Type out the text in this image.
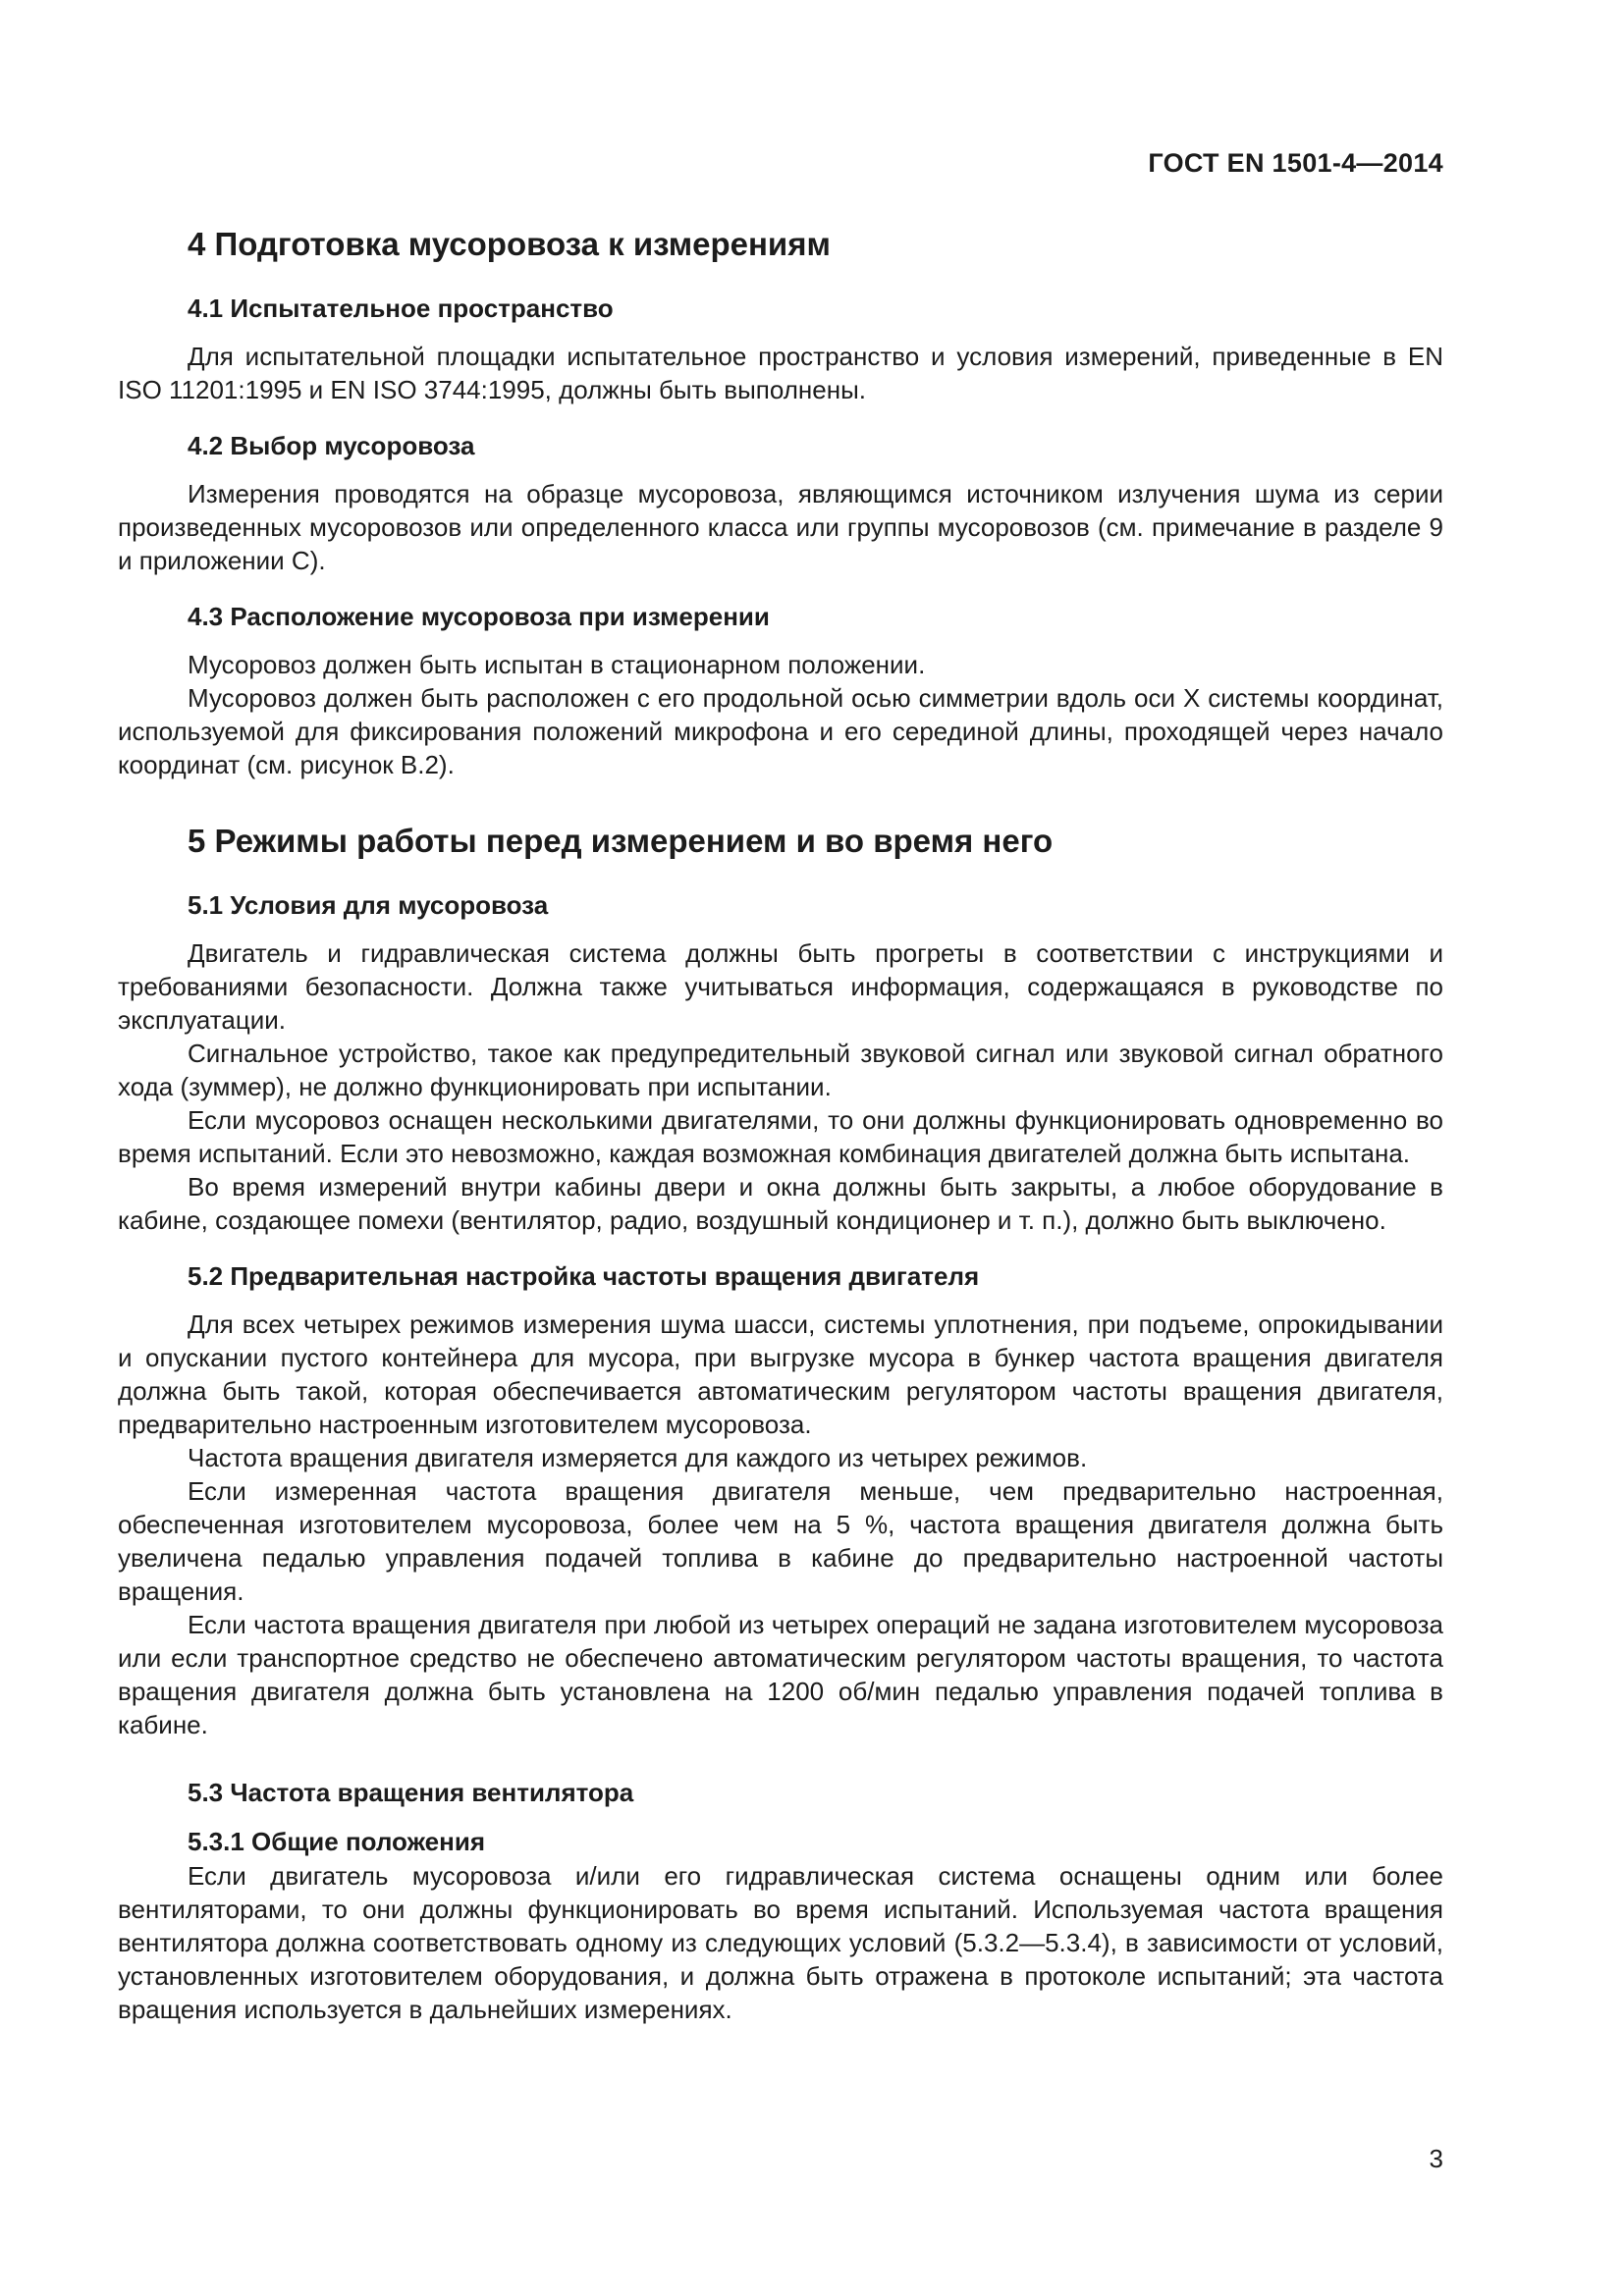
ГОСТ EN 1501-4—2014
4 Подготовка мусоровоза к измерениям
4.1 Испытательное пространство

Для испытательной площадки испытательное пространство и условия измерений, приведенные в EN ISO 11201:1995 и EN ISO 3744:1995, должны быть выполнены.

4.2 Выбор мусоровоза

Измерения проводятся на образце мусоровоза, являющимся источником излучения шума из серии произведенных мусоровозов или определенного класса или группы мусоровозов (см. примечание в разделе 9 и приложении С).

4.3 Расположение мусоровоза при измерении

Мусоровоз должен быть испытан в стационарном положении.

Мусоровоз должен быть расположен с его продольной осью симметрии вдоль оси X системы координат, используемой для фиксирования положений микрофона и его серединой длины, проходящей через начало координат (см. рисунок В.2).

5 Режимы работы перед измерением и во время него
5.1 Условия для мусоровоза

Двигатель и гидравлическая система должны быть прогреты в соответствии с инструкциями и требованиями безопасности. Должна также учитываться информация, содержащаяся в руководстве по эксплуатации.

Сигнальное устройство, такое как предупредительный звуковой сигнал или звуковой сигнал обратного хода (зуммер), не должно функционировать при испытании.

Если мусоровоз оснащен несколькими двигателями, то они должны функционировать одновременно во время испытаний. Если это невозможно, каждая возможная комбинация двигателей должна быть испытана.

Во время измерений внутри кабины двери и окна должны быть закрыты, а любое оборудование в кабине, создающее помехи (вентилятор, радио, воздушный кондиционер и т. п.), должно быть выключено.

5.2 Предварительная настройка частоты вращения двигателя

Для всех четырех режимов измерения шума шасси, системы уплотнения, при подъеме, опрокидывании и опускании пустого контейнера для мусора, при выгрузке мусора в бункер частота вращения двигателя должна быть такой, которая обеспечивается автоматическим регулятором частоты вращения двигателя, предварительно настроенным изготовителем мусоровоза.

Частота вращения двигателя измеряется для каждого из четырех режимов.

Если измеренная частота вращения двигателя меньше, чем предварительно настроенная, обеспеченная изготовителем мусоровоза, более чем на 5 %, частота вращения двигателя должна быть увеличена педалью управления подачей топлива в кабине до предварительно настроенной частоты вращения.

Если частота вращения двигателя при любой из четырех операций не задана изготовителем мусоровоза или если транспортное средство не обеспечено автоматическим регулятором частоты вращения, то частота вращения двигателя должна быть установлена на 1200 об/мин педалью управления подачей топлива в кабине.

5.3 Частота вращения вентилятора
5.3.1 Общие положения

Если двигатель мусоровоза и/или его гидравлическая система оснащены одним или более вентиляторами, то они должны функционировать во время испытаний. Используемая частота вращения вентилятора должна соответствовать одному из следующих условий (5.3.2—5.3.4), в зависимости от условий, установленных изготовителем оборудования, и должна быть отражена в протоколе испытаний; эта частота вращения используется в дальнейших измерениях.

3
